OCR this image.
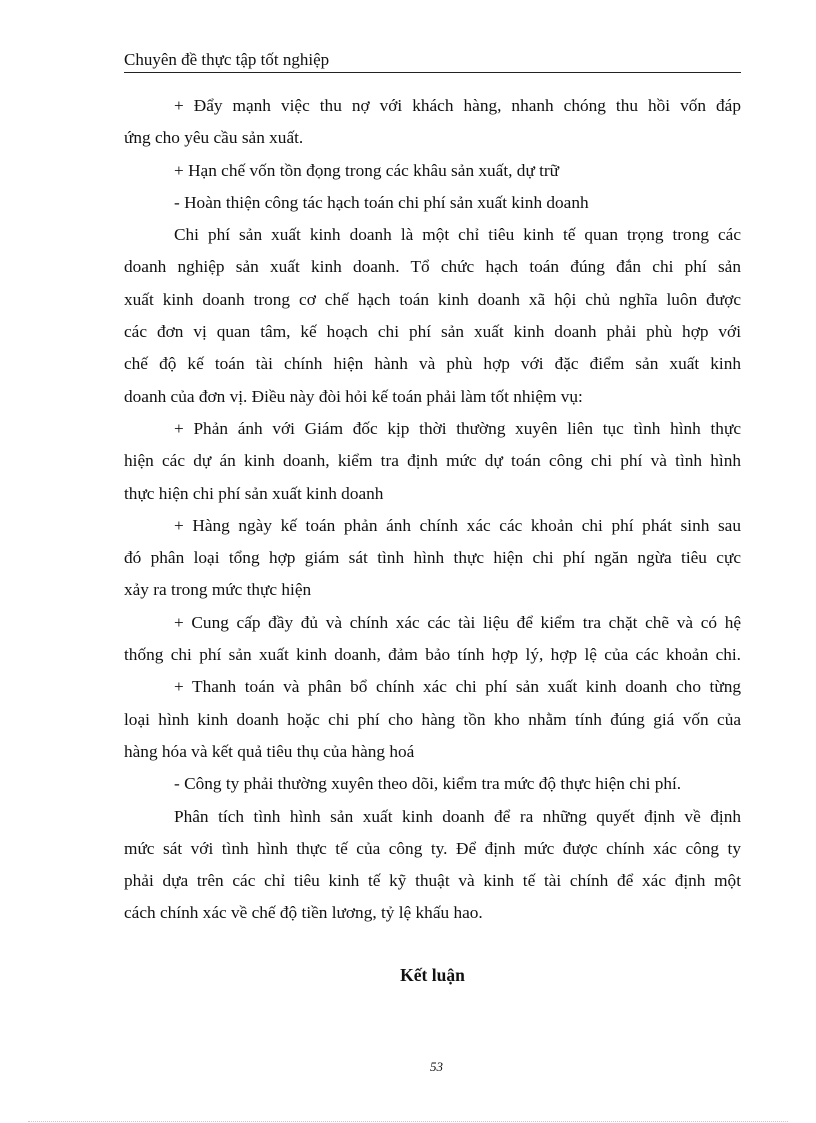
Chuyên đề thực tập tốt nghiệp
+ Đẩy mạnh việc thu nợ với khách hàng, nhanh chóng thu hồi vốn đáp
ứng cho yêu cầu sản xuất.
+ Hạn chế vốn tồn đọng trong các khâu sản xuất, dự trữ
- Hoàn thiện công tác hạch toán chi phí sản xuất kinh doanh
Chi phí sản xuất kinh doanh là một chỉ tiêu kinh tế quan trọng trong các
doanh nghiệp sản xuất kinh doanh. Tổ chức hạch toán đúng đắn chi phí sản
xuất kinh doanh trong cơ chế hạch toán kinh doanh xã hội chủ nghĩa luôn được
các đơn vị quan tâm, kế hoạch chi phí sản xuất kinh doanh phải phù hợp với
chế độ kế toán tài chính hiện hành và phù hợp với đặc điểm sản xuất kinh
doanh của đơn vị. Điều này đòi hỏi kế toán phải làm tốt nhiệm vụ:
+ Phản ánh với Giám đốc kịp thời thường xuyên liên tục tình hình thực
hiện các dự án kinh doanh, kiểm tra định mức dự toán công chi phí và tình hình
thực hiện chi phí sản xuất kinh doanh
+ Hàng ngày kế toán phản ánh chính xác các khoản chi phí phát sinh sau
đó phân loại tổng hợp giám sát tình hình thực hiện chi phí ngăn ngừa tiêu cực
xảy ra trong mức thực hiện
+ Cung cấp đầy đủ và chính xác các tài liệu để kiểm tra chặt chẽ và có hệ
thống chi phí sản xuất kinh doanh, đảm bảo tính hợp lý, hợp lệ của các khoản chi.
+ Thanh toán và phân bổ chính xác chi phí sản xuất kinh doanh cho từng
loại hình kinh doanh hoặc chi phí cho hàng tồn kho nhằm tính đúng giá vốn của
hàng hóa và kết quả tiêu thụ của hàng hoá
- Công ty phải thường xuyên theo dõi, kiểm tra mức độ thực hiện chi phí.
Phân tích tình hình sản xuất kinh doanh để ra những quyết định về định
mức sát với tình hình thực tế của công ty. Để định mức được chính xác công ty
phải dựa trên các chỉ tiêu kinh tế kỹ thuật và kinh tế tài chính để xác định một
cách chính xác về chế độ tiền lương, tỷ lệ khấu hao.
Kết luận
53
